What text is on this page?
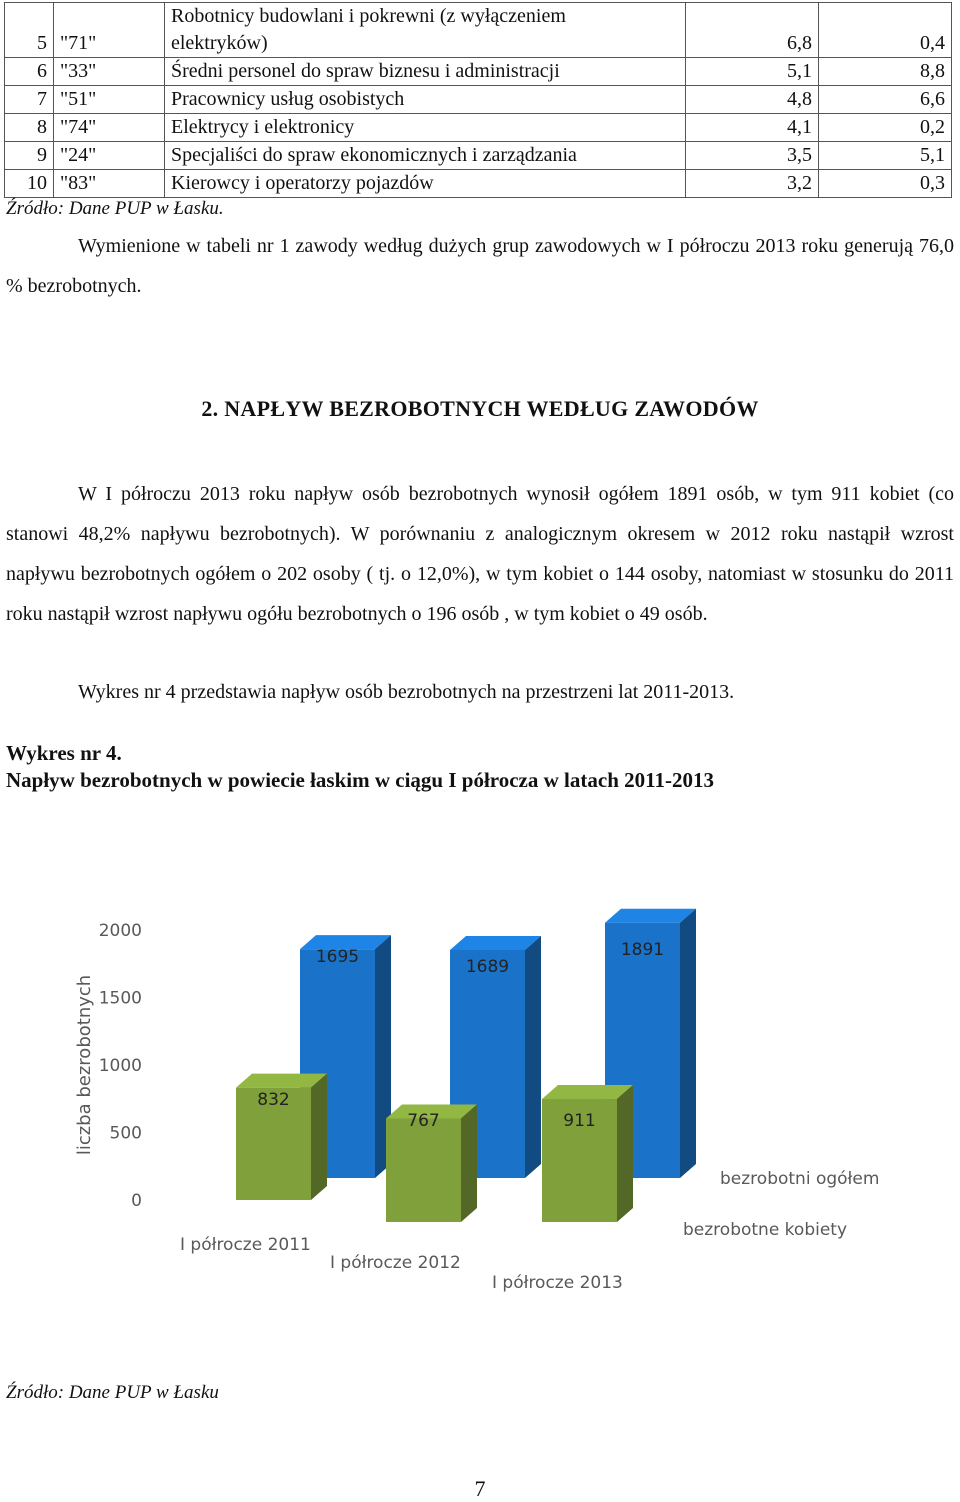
5	"71"	Robotnicy budowlani i pokrewni (z wyłączeniem
elektryków)	6,8	0,4
6	"33"	Średni personel do spraw biznesu i administracji	5,1	8,8
7	"51"	Pracownicy usług osobistych	4,8	6,6
8	"74"	Elektrycy i elektronicy	4,1	0,2
9	"24"	Specjaliści do spraw ekonomicznych i zarządzania	3,5	5,1
10	"83"	Kierowcy i operatorzy pojazdów	3,2	0,3
Źródło: Dane PUP w Łasku.
Wymienione w tabeli nr 1 zawody według dużych grup zawodowych w I półroczu 2013 roku generują 76,0 % bezrobotnych.
2. NAPŁYW BEZROBOTNYCH WEDŁUG ZAWODÓW
W I półroczu 2013 roku napływ osób bezrobotnych wynosił ogółem 1891 osób, w tym 911 kobiet (co stanowi 48,2% napływu bezrobotnych). W porównaniu z analogicznym okresem w 2012 roku nastąpił wzrost napływu bezrobotnych ogółem o 202 osoby ( tj. o 12,0%), w tym kobiet o 144 osoby, natomiast w stosunku do 2011 roku nastąpił wzrost napływu ogółu bezrobotnych o 196 osób , w tym kobiet o 49 osób.
Wykres nr 4 przedstawia napływ osób bezrobotnych na przestrzeni lat 2011-2013.
Wykres nr 4.
Napływ bezrobotnych w powiecie łaskim w ciągu I półrocza w latach 2011-2013
0
500
1000
1500
2000
liczba bezrobotnych
1695	1689
1891
832
I półrocze 2011
767
I półrocze 2012
911
I półrocze 2013
bezrobotni ogółem
bezrobotne kobiety
Źródło: Dane PUP w Łasku
7
